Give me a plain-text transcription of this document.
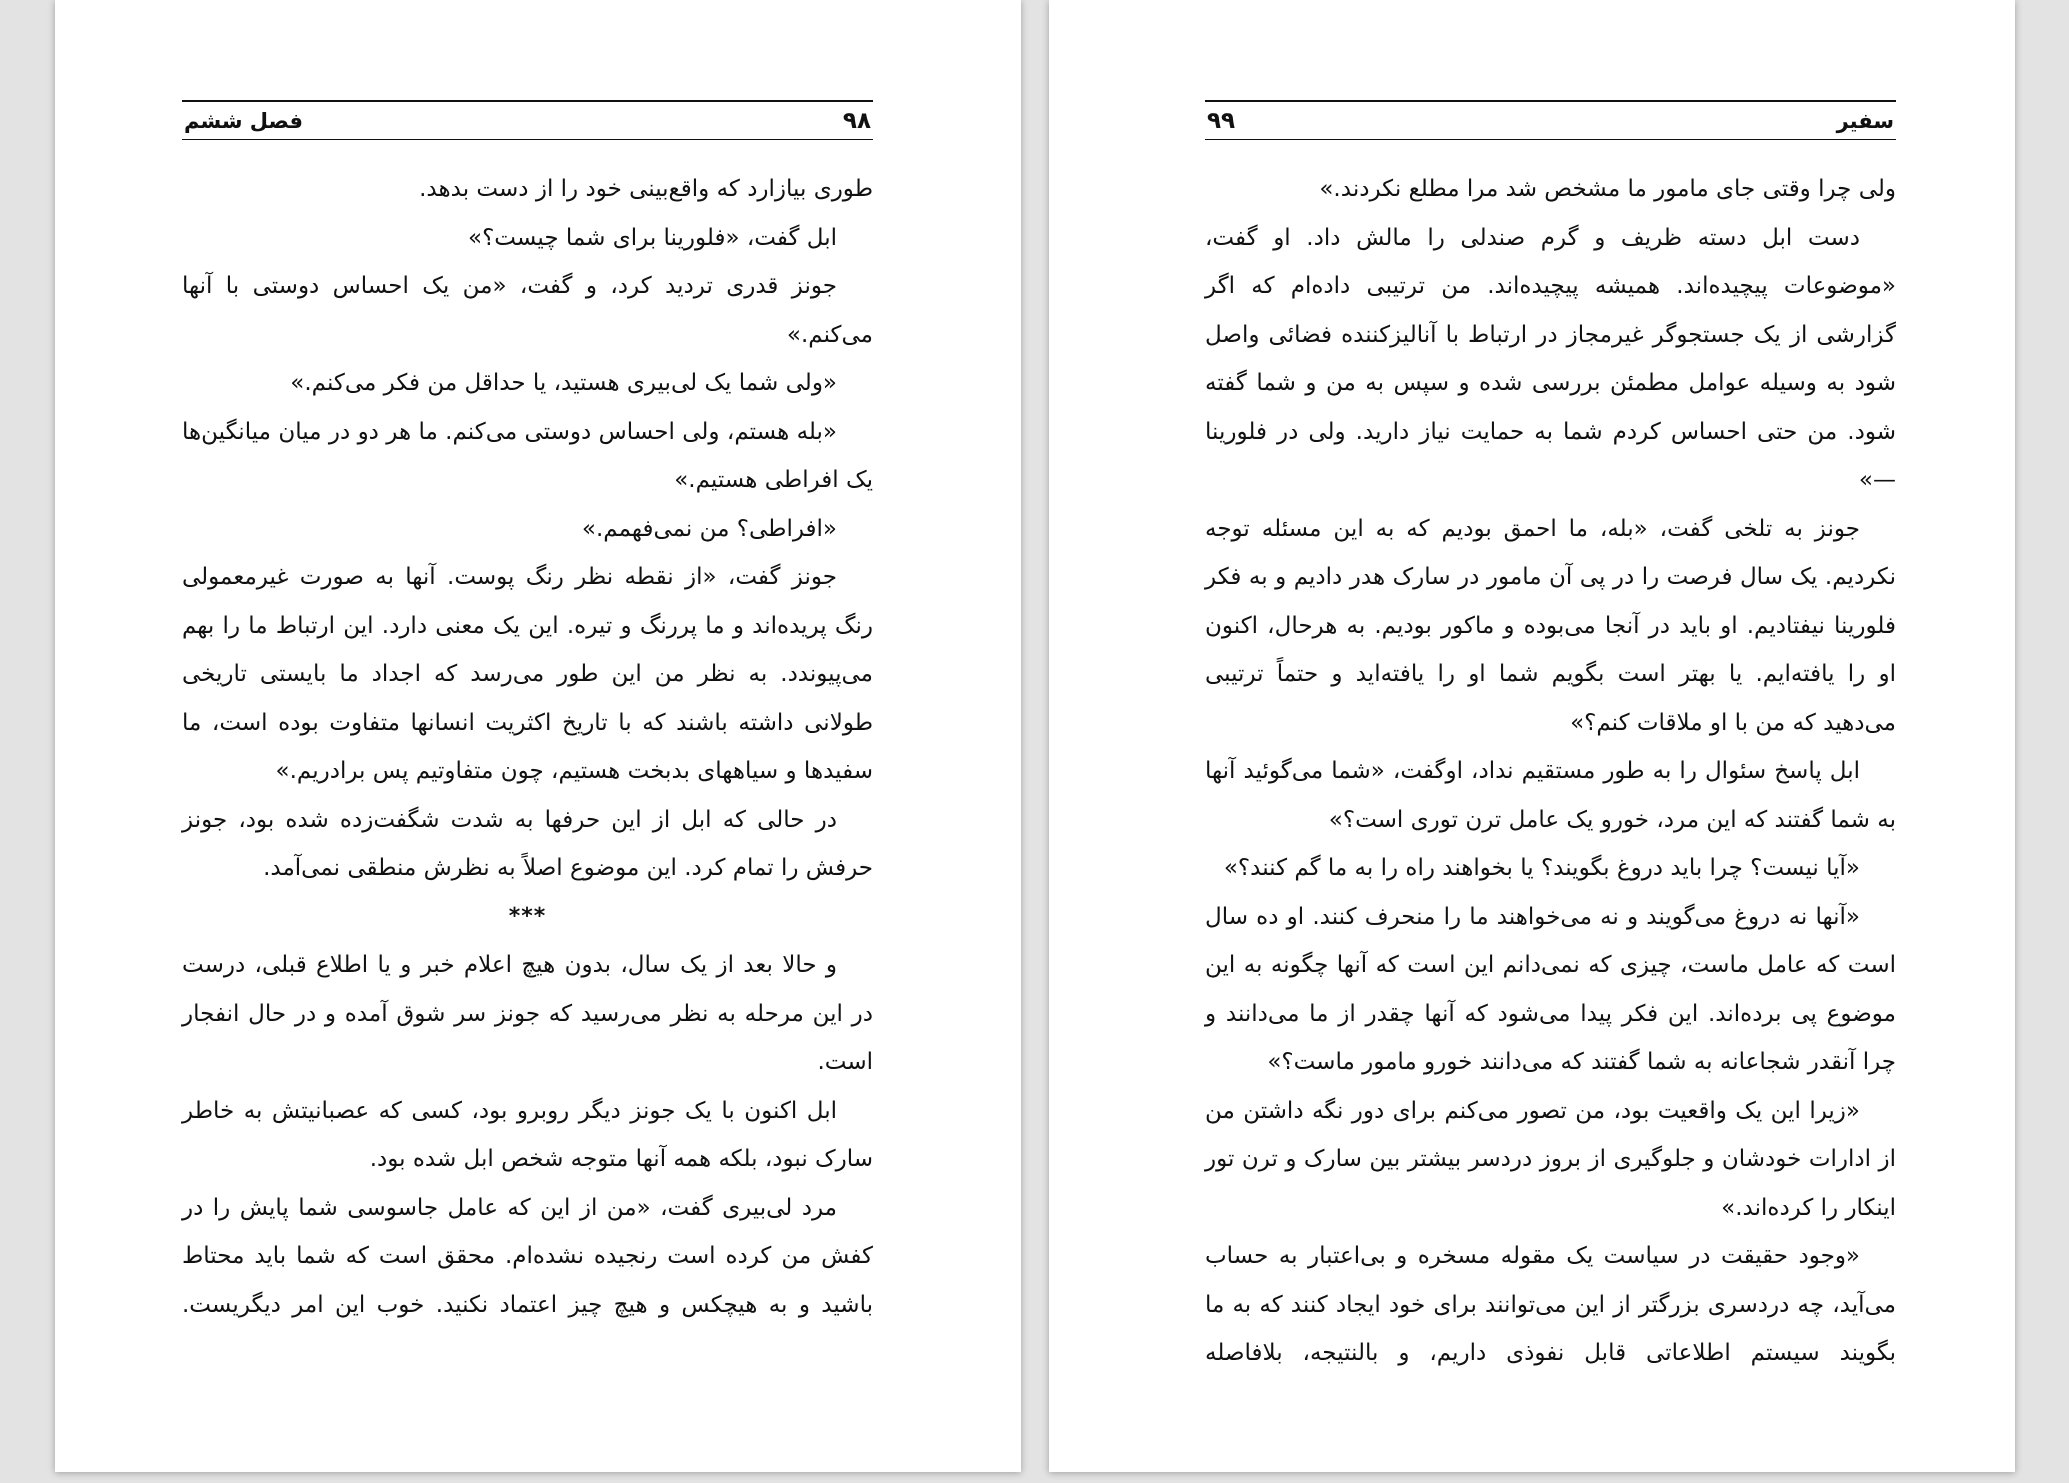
۹۸
فصل ششم

طوری بیازارد که واقع‌بینی خود را از دست بدهد.

ابل گفت، «فلورینا برای شما چیست؟»

جونز قدری تردید کرد، و گفت، «من یک احساس دوستی با آنها می‌کنم.»

«ولی شما یک لی‌بیری هستید، یا حداقل من فکر می‌کنم.»

«بله هستم، ولی احساس دوستی می‌کنم. ما هر دو در میان میانگین‌ها یک افراطی هستیم.»

«افراطی؟ من نمی‌فهمم.»

جونز گفت، «از نقطه نظر رنگ پوست. آنها به صورت غیرمعمولی رنگ پریده‌اند و ما پررنگ و تیره. این یک معنی دارد. این ارتباط ما را بهم می‌پیوندد. به نظر من این طور می‌رسد که اجداد ما بایستی تاریخی طولانی داشته باشند که با تاریخ اکثریت انسانها متفاوت بوده است، ما سفیدها و سیاههای بدبخت هستیم، چون متفاوتیم پس برادریم.»

در حالی که ابل از این حرفها به شدت شگفت‌زده شده بود، جونز حرفش را تمام کرد. این موضوع اصلاً به نظرش منطقی نمی‌آمد.

***

و حالا بعد از یک سال، بدون هیچ اعلام خبر و یا اطلاع قبلی، درست در این مرحله به نظر می‌رسید که جونز سر شوق آمده و در حال انفجار است.

ابل اکنون با یک جونز دیگر روبرو بود، کسی که عصبانیتش به خاطر سارک نبود، بلکه همه آنها متوجه شخص ابل شده بود.

مرد لی‌بیری گفت، «من از این که عامل جاسوسی شما پایش را در کفش من کرده است رنجیده نشده‌ام. محقق است که شما باید محتاط باشید و به هیچکس و هیچ چیز اعتماد نکنید. خوب این امر دیگریست.

سفیر
۹۹

ولی چرا وقتی جای مامور ما مشخص شد مرا مطلع نکردند.»

دست ابل دسته ظریف و گرم صندلی را مالش داد. او گفت، «موضوعات پیچیده‌اند. همیشه پیچیده‌اند. من ترتیبی داده‌ام که اگر گزارشی از یک جستجوگر غیرمجاز در ارتباط با آنالیزکننده فضائی واصل شود به وسیله عوامل مطمئن بررسی شده و سپس به من و شما گفته شود. من حتی احساس کردم شما به حمایت نیاز دارید. ولی در فلورینا—»

جونز به تلخی گفت، «بله، ما احمق بودیم که به این مسئله توجه نکردیم. یک سال فرصت را در پی آن مامور در سارک هدر دادیم و به فکر فلورینا نیفتادیم. او باید در آنجا می‌بوده و ماکور بودیم. به هرحال، اکنون او را یافته‌ایم. یا بهتر است بگویم شما او را یافته‌اید و حتماً ترتیبی می‌دهید که من با او ملاقات کنم؟»

ابل پاسخ سئوال را به طور مستقیم نداد، اوگفت، «شما می‌گوئید آنها به شما گفتند که این مرد، خورو یک عامل ترن توری است؟»

«آیا نیست؟ چرا باید دروغ بگویند؟ یا بخواهند راه را به ما گم کنند؟»

«آنها نه دروغ می‌گویند و نه می‌خواهند ما را منحرف کنند. او ده سال است که عامل ماست، چیزی که نمی‌دانم این است که آنها چگونه به این موضوع پی برده‌اند. این فکر پیدا می‌شود که آنها چقدر از ما می‌دانند و چرا آنقدر شجاعانه به شما گفتند که می‌دانند خورو مامور ماست؟»

«زیرا این یک واقعیت بود، من تصور می‌کنم برای دور نگه داشتن من از ادارات خودشان و جلوگیری از بروز دردسر بیشتر بین سارک و ترن تور اینکار را کرده‌اند.»

«وجود حقیقت در سیاست یک مقوله مسخره و بی‌اعتبار به حساب می‌آید، چه دردسری بزرگتر از این می‌توانند برای خود ایجاد کنند که به ما بگویند سیستم اطلاعاتی قابل نفوذی داریم، و بالنتیجه، بلافاصله
